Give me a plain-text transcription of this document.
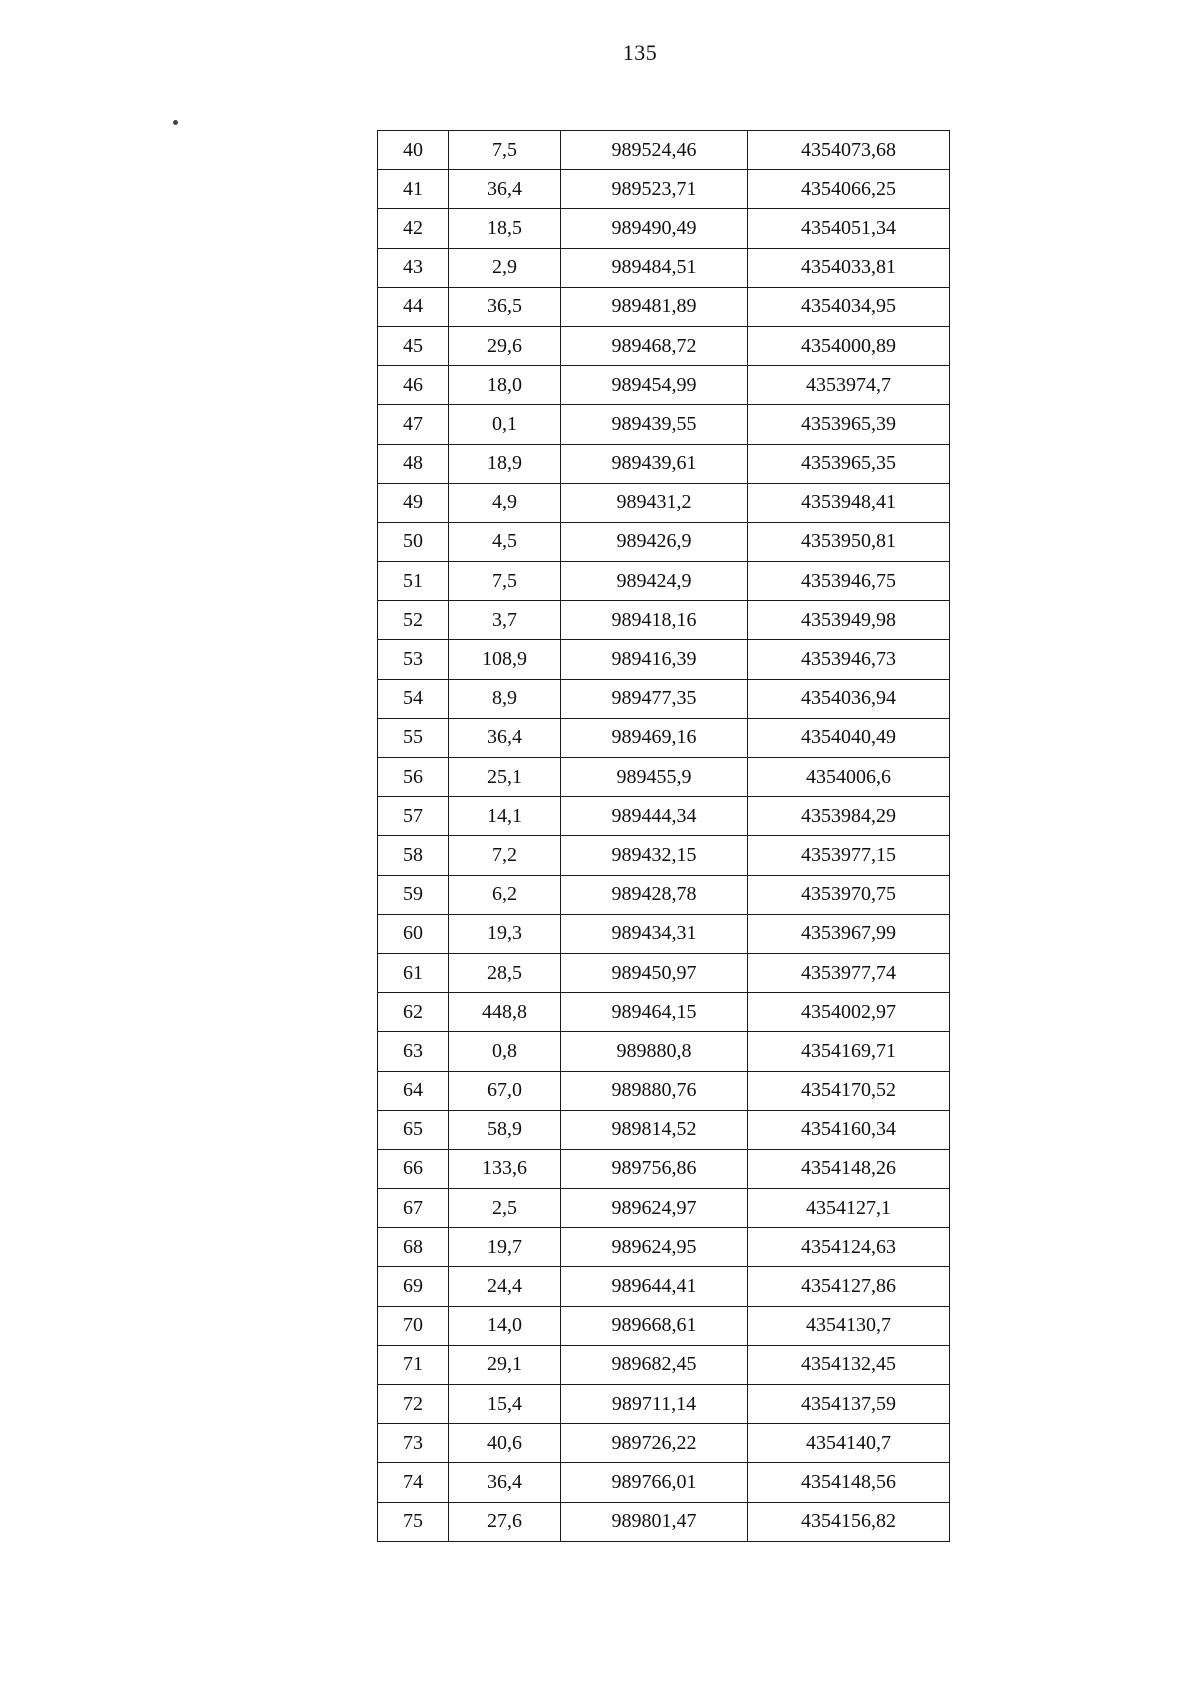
135
40	7,5	989524,46	4354073,68
41	36,4	989523,71	4354066,25
42	18,5	989490,49	4354051,34
43	2,9	989484,51	4354033,81
44	36,5	989481,89	4354034,95
45	29,6	989468,72	4354000,89
46	18,0	989454,99	4353974,7
47	0,1	989439,55	4353965,39
48	18,9	989439,61	4353965,35
49	4,9	989431,2	4353948,41
50	4,5	989426,9	4353950,81
51	7,5	989424,9	4353946,75
52	3,7	989418,16	4353949,98
53	108,9	989416,39	4353946,73
54	8,9	989477,35	4354036,94
55	36,4	989469,16	4354040,49
56	25,1	989455,9	4354006,6
57	14,1	989444,34	4353984,29
58	7,2	989432,15	4353977,15
59	6,2	989428,78	4353970,75
60	19,3	989434,31	4353967,99
61	28,5	989450,97	4353977,74
62	448,8	989464,15	4354002,97
63	0,8	989880,8	4354169,71
64	67,0	989880,76	4354170,52
65	58,9	989814,52	4354160,34
66	133,6	989756,86	4354148,26
67	2,5	989624,97	4354127,1
68	19,7	989624,95	4354124,63
69	24,4	989644,41	4354127,86
70	14,0	989668,61	4354130,7
71	29,1	989682,45	4354132,45
72	15,4	989711,14	4354137,59
73	40,6	989726,22	4354140,7
74	36,4	989766,01	4354148,56
75	27,6	989801,47	4354156,82
